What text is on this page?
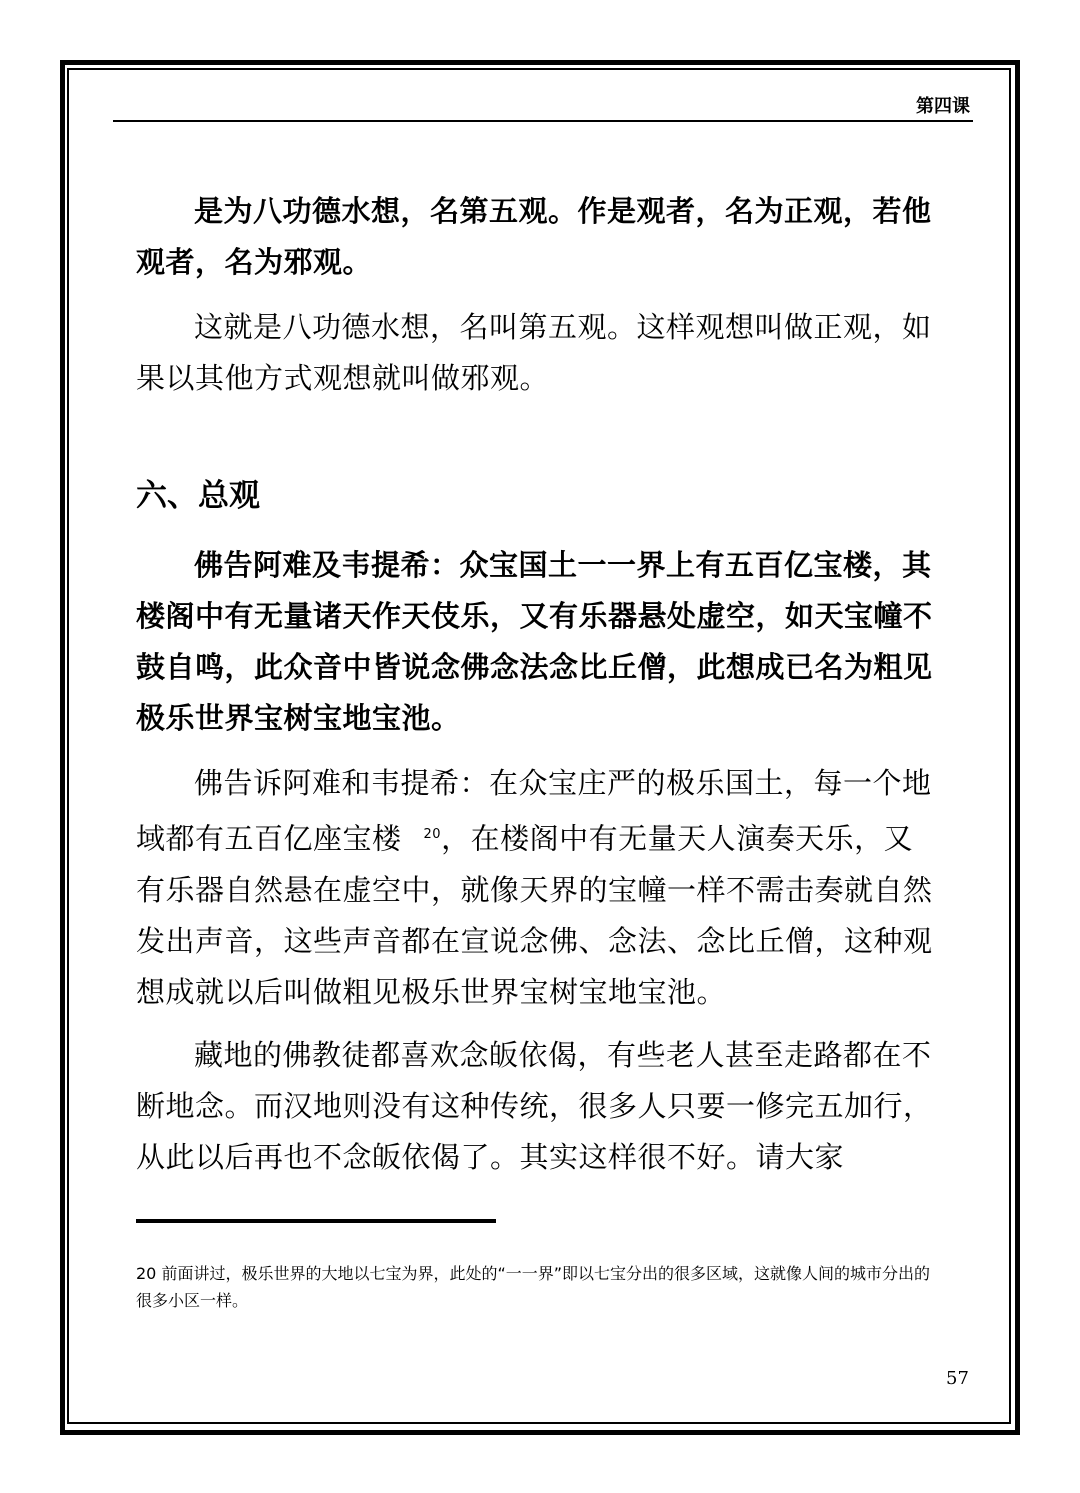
第四课

是为八功德水想，名第五观。作是观者，名为正观，若他观者，名为邪观。

这就是八功德水想，名叫第五观。这样观想叫做正观，如果以其他方式观想就叫做邪观。

六、总观

佛告阿难及韦提希：众宝国土一一界上有五百亿宝楼，其楼阁中有无量诸天作天伎乐，又有乐器悬处虚空，如天宝幢不鼓自鸣，此众音中皆说念佛念法念比丘僧，此想成已名为粗见极乐世界宝树宝地宝池。

佛告诉阿难和韦提希：在众宝庄严的极乐国土，每一个地域都有五百亿座宝楼 $^{20}$，在楼阁中有无量天人演奏天乐，又有乐器自然悬在虚空中，就像天界的宝幢一样不需击奏就自然发出声音，这些声音都在宣说念佛、念法、念比丘僧，这种观想成就以后叫做粗见极乐世界宝树宝地宝池。

藏地的佛教徒都喜欢念皈依偈，有些老人甚至走路都在不断地念。而汉地则没有这种传统，很多人只要一修完五加行，从此以后再也不念皈依偈了。其实这样很不好。请大家

20 前面讲过，极乐世界的大地以七宝为界，此处的“一一界”即以七宝分出的很多区域，这就像人间的城市分出的很多小区一样。
57
